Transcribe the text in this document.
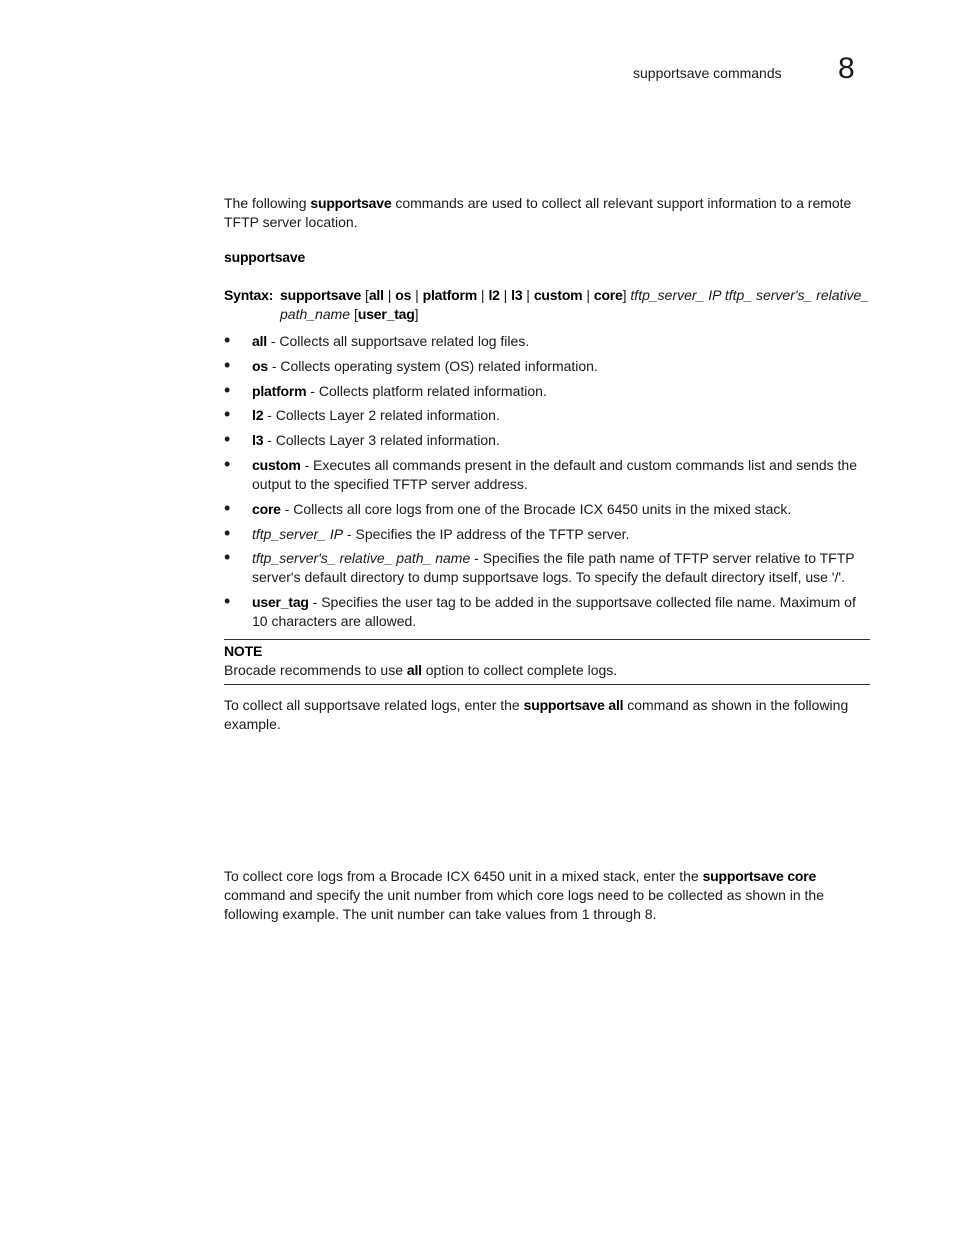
supportsave commands 8

The following supportsave commands are used to collect all relevant support information to a remote TFTP server location.

supportsave

Syntax: supportsave [all | os | platform | l2 | l3 | custom | core] tftp_server_ IP tftp_ server's_ relative_ path_name [user_tag]
• all - Collects all supportsave related log files.
• os - Collects operating system (OS) related information.
• platform - Collects platform related information.
• l2 - Collects Layer 2 related information.
• l3 - Collects Layer 3 related information.
• custom - Executes all commands present in the default and custom commands list and sends the output to the specified TFTP server address.
• core - Collects all core logs from one of the Brocade ICX 6450 units in the mixed stack.
• tftp_server_ IP - Specifies the IP address of the TFTP server.
• tftp_server's_ relative_ path_ name - Specifies the file path name of TFTP server relative to TFTP server's default directory to dump supportsave logs. To specify the default directory itself, use '/'.
• user_tag - Specifies the user tag to be added in the supportsave collected file name. Maximum of 10 characters are allowed.

NOTE

Brocade recommends to use all option to collect complete logs.

To collect all supportsave related logs, enter the supportsave all command as shown in the following example.

To collect core logs from a Brocade ICX 6450 unit in a mixed stack, enter the supportsave core command and specify the unit number from which core logs need to be collected as shown in the following example. The unit number can take values from 1 through 8.
